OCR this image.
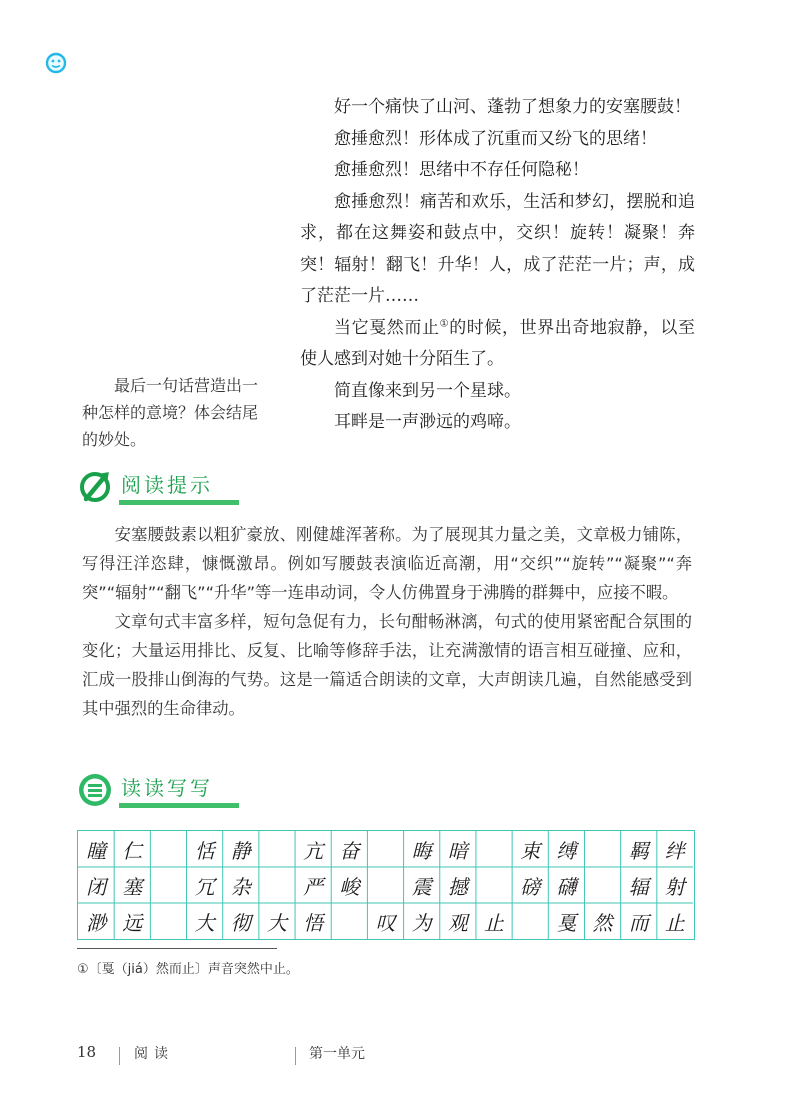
好一个痛快了山河、蓬勃了想象力的安塞腰鼓！

愈捶愈烈！形体成了沉重而又纷飞的思绪！

愈捶愈烈！思绪中不存任何隐秘！

愈捶愈烈！痛苦和欢乐，生活和梦幻，摆脱和追求，都在这舞姿和鼓点中，交织！旋转！凝聚！奔突！辐射！翻飞！升华！人，成了茫茫一片；声，成了茫茫一片……

当它戛然而止①的时候，世界出奇地寂静，以至使人感到对她十分陌生了。

简直像来到另一个星球。

耳畔是一声渺远的鸡啼。

最后一句话营造出一种怎样的意境？体会结尾的妙处。

阅读提示

安塞腰鼓素以粗犷豪放、刚健雄浑著称。为了展现其力量之美，文章极力铺陈，写得汪洋恣肆，慷慨激昂。例如写腰鼓表演临近高潮，用“交织”“旋转”“凝聚”“奔突”“辐射”“翻飞”“升华”等一连串动词，令人仿佛置身于沸腾的群舞中，应接不暇。

文章句式丰富多样，短句急促有力，长句酣畅淋漓，句式的使用紧密配合氛围的变化；大量运用排比、反复、比喻等修辞手法，让充满激情的语言相互碰撞、应和，汇成一股排山倒海的气势。这是一篇适合朗读的文章，大声朗读几遍，自然能感受到其中强烈的生命律动。

读读写写
瞳 仁	恬 静	亢 奋	晦 暗	束 缚	羁 绊
闭 塞	冗 杂	严 峻	震 撼	磅 礴	辐 射
渺 远	大 彻 大 悟	叹 为 观 止	戛 然 而 止
①〔戛（jiá）然而止〕声音突然中止。
18	阅读	第一单元
